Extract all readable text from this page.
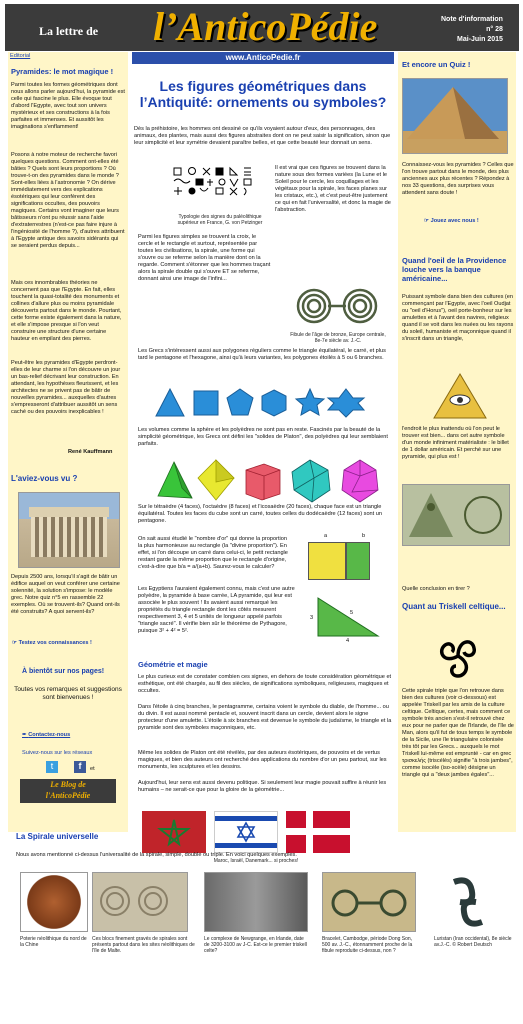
La lettre de l’AnticoPédie	Note d'information
n° 28
Mai-Juin 2015
Editorial
Pyramides: le mot magique !
Parmi toutes les formes géométriques dont nous allons parler aujourd'hui, la pyramide est celle qui fascine le plus. Elle évoque tout d'abord l'Egypte, avec tout son univers mystérieux et ses constructions à la fois parfaites et immenses. Et aussitôt les imaginations s'enflamment!
Posons à notre moteur de recherche favori quelques questions. Comment ont-elles été bâties ? Quels sont leurs proportions ? Où trouve-t-on des pyramides dans le monde ? Sont-elles liées à l'astronomie ? On dérive immédiatement vers des explications ésotériques qui leur confèrent des significations occultes, des pouvoirs magiques. Certains vont imaginer que leurs bâtisseurs n'ont pu réussir sans l'aide d'extraterrestres (n'est-ce pas faire injure à l'ingéniosité de l'homme ?), d'autres attribuent à l'Egypte antique des savoirs sidérants qui se seraient perdus depuis...
Mais ces innombrables théories ne concernent pas que l'Egypte. En fait, elles touchent la quasi-totalité des monuments et collines d'allure plus ou moins pyramidale découverts partout dans le monde. Pourtant, cette forme existe également dans la nature, et elle s'impose presque si l'on veut construire une structure d'une certaine hauteur en empilant des pierres.
Peut-être les pyramides d'Egypte perdront-elles de leur charme si l'on découvre un jour un bas-relief décrivant leur construction. En attendant, les hypothèses fleurissent, et les architectes ne se privent pas de bâtir de nouvelles pyramides... auxquelles d'autres s'empresseront d'attribuer aussitôt un sens caché ou des pouvoirs inexplicables !
René Kauffmann
L'aviez-vous vu ?
Depuis 2500 ans, lorsqu'il s'agit de bâtir un édifice auquel on veut conférer une certaine solennité, la solution s'impose: le modèle grec. Notre quiz n°5 en rassemble 22 exemples. Où se trouvent-ils? Quand ont-ils été construits? A quoi servent-ils?
☞ Testez vos connaissances !
À bientôt sur nos pages!
Toutes vos remarques et suggestions sont bienvenues !
✒ Contactez-nous
Suivez-nous sur les réseaux
t	f	et
Le Blog de
l'AnticoPédie
www.AnticoPedie.fr
Les figures géométriques dans l’Antiquité: ornements ou symboles?
Dès la préhistoire, les hommes ont dessiné ce qu'ils voyaient autour d'eux, des personnages, des animaux, des plantes, mais aussi des figures abstraites dont on ne peut saisir la signification, sinon que leur simplicité et leur symétrie devaient paraître belles, et que cette beauté leur donnait un sens.
Typologie des signes du paléolithique supérieur en France, G. von Petzinger
Il est vrai que ces figures se trouvent dans la nature sous des formes variées (la Lune et le Soleil pour le cercle, les coquillages et les végétaux pour la spirale, les faces planes sur les cristaux, etc.), et c'est peut-être justement ce qui en fait l'universalité, et donc la magie de l'abstraction.
Parmi les figures simples se trouvent la croix, le cercle et le rectangle et surtout, représentée par toutes les civilisations, la spirale, une forme qui s'ouvre ou se referme selon la manière dont on la regarde. Comment s'étonner que les hommes traçant alors la spirale double qui s'ouvre ET se referme, donnant ainsi une image de l'infini...
Fibule de l'âge de bronze, Europe centrale, 8e-7e siècle av. J.-C.
Les Grecs s'intéressent aussi aux polygones réguliers comme le triangle équilatéral, le carré, et plus tard le pentagone et l'hexagone, ainsi qu'à leurs variantes, les polygones étoilés à 5 ou 6 branches.
Les volumes comme la sphère et les polyèdres ne sont pas en reste. Fascinés par la beauté de la simplicité géométrique, les Grecs ont défini les "solides de Platon", des polyèdres qui leur semblaient parfaits.
Sur le tétraèdre (4 faces), l'octaèdre (8 faces) et l'icosaèdre (20 faces), chaque face est un triangle équilatéral. Toutes les faces du cube sont un carré, toutes celles du dodécaèdre (12 faces) sont un pentagone.
On sait aussi étudié le "nombre d'or" qui donne la proportion la plus harmonieuse au rectangle (la "divine proportion"). En effet, si l'on découpe un carré dans celui-ci, le petit rectangle restant garde la même proportion que le rectangle d'origine, c'est-à-dire que b/a = a/(a+b). Saurez-vous le calculer?
a	b
Les Egyptiens l'auraient également connu, mais c'est une autre polyèdre, la pyramide à base carrée, LA pyramide, qui leur est associée le plus souvent ! Ils avaient aussi remarqué les propriétés du triangle rectangle dont les côtés mesurent respectivement 3, 4 et 5 unités de longueur appelé parfois "triangle sacré". Il vérifie bien sûr le théorème de Pythagore, puisque 3² + 4² = 5².
3
4
5
Géométrie et magie
Le plus curieux est de constater combien ces signes, en dehors de toute considération géométrique et esthétique, ont été chargés, au fil des siècles, de significations symboliques, religieuses, magiques et occultes.
Dans l'étoile à cinq branches, le pentagramme, certains voient le symbole du diable, de l'homme... ou du divin. Il est aussi nommé pentacle et, souvent inscrit dans un cercle, devient alors le signe protecteur d'une amulette. L'étoile à six branches est devenue le symbole du judaïsme, le triangle et la pyramide sont des symboles maçonniques, etc.
Même les solides de Platon ont été révélés, par des auteurs ésotériques, de pouvoirs et de vertus magiques, et bien des auteurs ont recherché des applications du nombre d'or un peu partout, sur les monuments, les sculptures et les dessins.
Aujourd'hui, leur sens est aussi devenu politique. Si seulement leur magie pouvait suffire à réunir les humains – ne serait-ce que pour la gloire de la géométrie...
Maroc, Israël, Danemark... si proches!
Et encore un Quiz !
Connaissez-vous les pyramides ? Celles que l'on trouve partout dans le monde, des plus anciennes aux plus récentes ? Répondez à nos 33 questions, des surprises vous attendent sans doute !
☞ Jouez avec nous !
Quand l'oeil de la Providence louche vers la banque américaine...
Puissant symbole dans bien des cultures (en commençant par l'Egypte, avec l'oeil Oudjat ou "oeil d'Horus"), oeil porte-bonheur sur les amulettes et à l'avant des navires, religieux quand il se voit dans les nuées ou les rayons du soleil, humaniste et maçonnique quand il s'inscrit dans un triangle,
l'endroit le plus inattendu où l'on peut le trouver est bien... dans cet autre symbole d'un monde infiniment matérialiste : le billet de 1 dollar américain. Et perché sur une pyramide, qui plus est !
Quelle conclusion en tirer ?
Quant au Triskell celtique...
Cette spirale triple que l'on retrouve dans bien des cultures (voir ci-dessous) est appelée Triskell par les amis de la culture celtique. Celtique, certes, mais comment ce symbole très ancien s'est-il retrouvé chez eux pour ne parler que de l'Irlande, de l'île de Man, alors qu'il fut de tous temps le symbole de la Sicile, une île triangulaire colonisée très tôt par les Grecs... auxquels le mot Triskell lui-même est emprunté - car en grec τρισκελής (triscélès) signifie "à trois jambes", comme isocèle (iso-scèle) désigne un triangle qui a "deux jambes égales"...
La Spirale universelle
Nous avons mentionné ci-dessus l'universalité de la spirale, simple, double ou triple. En voici quelques exemples.
Poterie néolithique du nord de la Chine
Ces blocs finement gravés de spirales sont présents partout dans les sites néolithiques de l'île de Malte.
Le complexe de Newgrange, en Irlande, date de 3200-3100 av J-C. Est-ce le premier triskell celte?
Bracelet, Cambodge, période Dong Son, 500 av. J.-C., étonnamment proche de la fibule reproduite ci-dessus, non ?
Luristan (Iran occidental), 8e siècle av.J.-C. © Robert Deutsch
